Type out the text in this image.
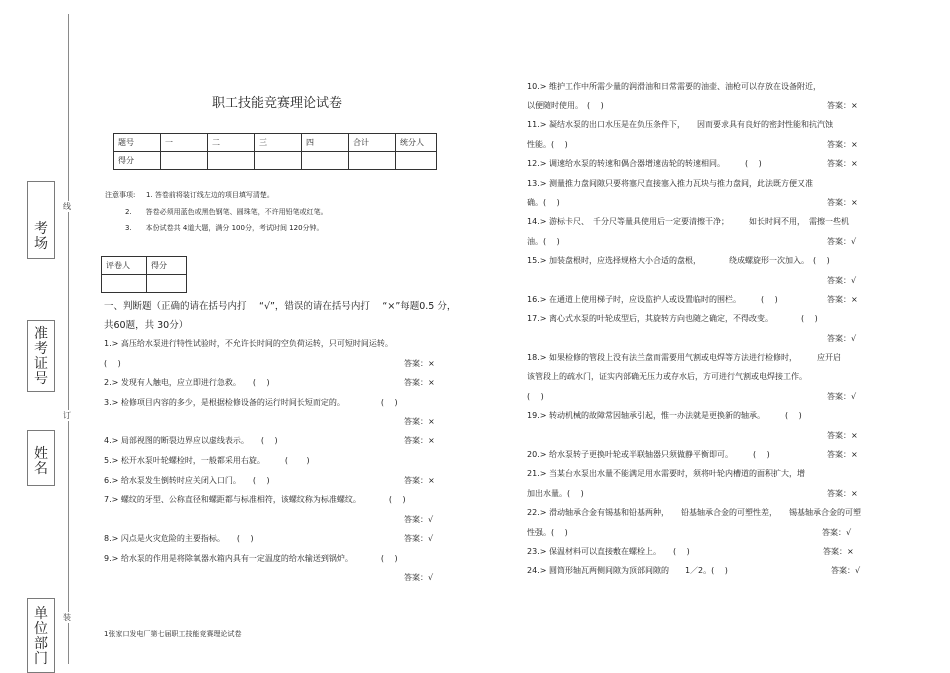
线
订
装
考场
准考证号
姓名
单位部门
职工技能竞赛理论试卷
题号	一	二	三	四	合计	统分人
得分						
注意事项: 1. 答卷前将装订线左边的项目填写清楚。
2.　　答卷必须用蓝色或黑色钢笔、圆珠笔，不许用铅笔或红笔。
3.　　本份试卷共 4道大题，满分 100分，考试时间 120分钟。
评卷人	得分

一、判断题（正确的请在括号内打　 “√”，错误的请在括号内打　 “×”每题0.5 分，
共60题，共 30分）
1.> 高压给水泵进行特性试验时，不允许长时间的空负荷运转，只可短时间运转。
(　 )	答案：×
2.> 发现有人触电，应立即进行急救。　　(　 )	答案：×
3.> 检修项目内容的多少，是根据检修设备的运行时间长短而定的。　　　　　(　 )
答案：×
4.> 局部视图的断裂边界应以虚线表示。　　(　 )	答案：×
5.> 松开水泵叶轮螺栓时，一般都采用右旋。　　　(　　 )
6.> 给水泵发生倒转时应关闭入口门。　　(　 )	答案：×
7.> 螺纹的牙型、公称直径和螺距都与标准相符，该螺纹称为标准螺纹。　　　　(　 )
答案：√
8.> 闪点是火灾危险的主要指标。　　(　 )	答案：√
9.> 给水泵的作用是将除氧器水箱内具有一定温度的给水输送到锅炉。　　　　(　 )
答案：√
1张家口发电厂第七届职工技能竞赛理论试卷
10.> 维护工作中所需少量的润滑油和日常需要的油壶、油枪可以存放在设备附近，
以便随时使用。　(　 )	答案：×
11.> 凝结水泵的出口水压是在负压条件下，　　因而要求具有良好的密封性能和抗汽蚀
性能。(　 )	答案：×
12.> 调速给水泵的转速和偶合器增速齿轮的转速相同。　　　(　 )	答案：×
13.> 测量推力盘间隙只要将塞尺直接塞入推力瓦块与推力盘间，此法既方便又准
确。(　 )	答案：×
14.> 游标卡尺、　千分尺等量具使用后一定要清擦干净；　　　如长时间不用，　需擦一些机
油。(　 )	答案：√
15.> 加装盘根时，应选择规格大小合适的盘根，　　　　绕成螺旋形一次加入。　(　 )
答案：√
16.> 在通道上使用梯子时，应设监护人或设置临时的围栏。　　　(　 )	答案：×
17.> 离心式水泵的叶轮成型后，其旋转方向也随之确定，不得改变。　　　　(　 )
答案：√
18.> 如果检修的管段上没有法兰盘而需要用气割或电焊等方法进行检修时，　　　应开启
该管段上的疏水门，证实内部确无压力或存水后，方可进行气割或电焊接工作。
(　 )	答案：√
19.> 转动机械的故障常因轴承引起，惟一办法就是更换新的轴承。　　　(　 )
答案：×
20.> 给水泵转子更换叶轮或半联轴器只须做静平衡即可。　　　(　 )	答案：×
21.> 当某台水泵出水量不能满足用水需要时，须将叶轮内槽道的面积扩大，增
加出水量。(　 )	答案：×
22.> 滑动轴承合金有锡基和铅基两种，　　铅基轴承合金的可塑性差，　　锡基轴承合金的可塑
性强。(　 )	答案：√
23.> 保温材料可以直接敷在螺栓上。　　(　 )	答案：×
24.> 圆筒形轴瓦两侧间隙为顶部间隙的　　1／2。(　 )	答案：√
